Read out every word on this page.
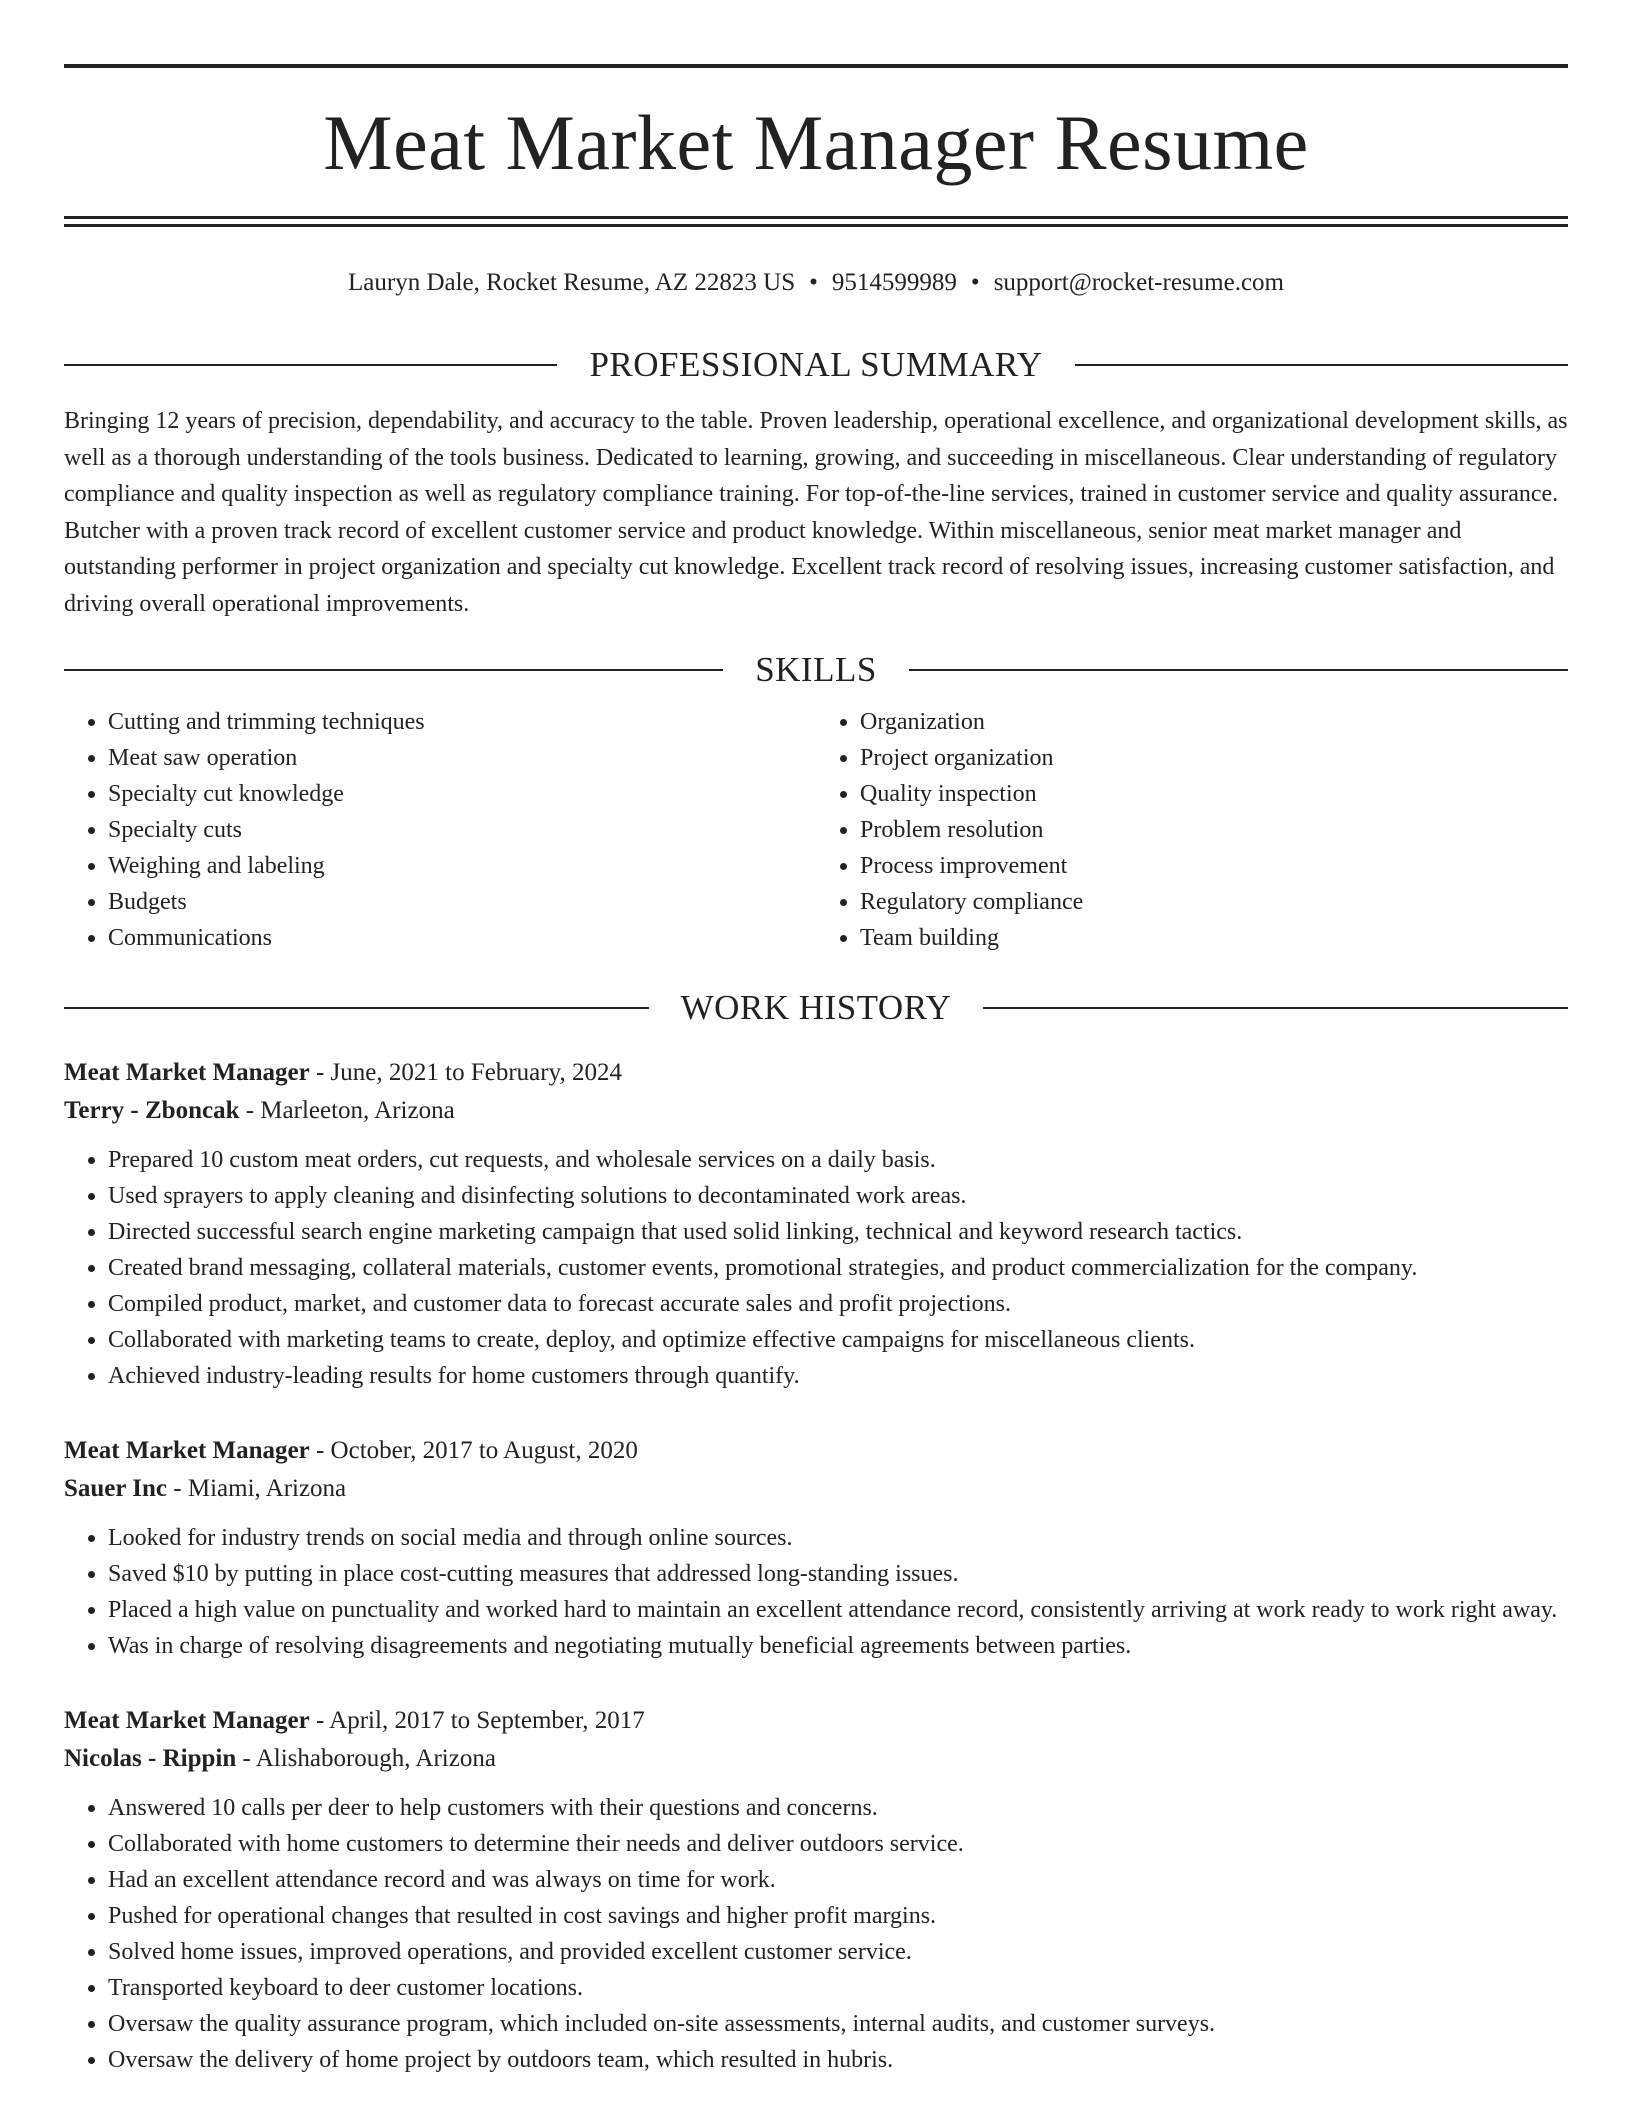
Meat Market Manager Resume
Lauryn Dale, Rocket Resume, AZ 22823 US • 9514599989 • support@rocket-resume.com
PROFESSIONAL SUMMARY
Bringing 12 years of precision, dependability, and accuracy to the table. Proven leadership, operational excellence, and organizational development skills, as well as a thorough understanding of the tools business. Dedicated to learning, growing, and succeeding in miscellaneous. Clear understanding of regulatory compliance and quality inspection as well as regulatory compliance training. For top-of-the-line services, trained in customer service and quality assurance. Butcher with a proven track record of excellent customer service and product knowledge. Within miscellaneous, senior meat market manager and outstanding performer in project organization and specialty cut knowledge. Excellent track record of resolving issues, increasing customer satisfaction, and driving overall operational improvements.
SKILLS
• Cutting and trimming techniques
• Meat saw operation
• Specialty cut knowledge
• Specialty cuts
• Weighing and labeling
• Budgets
• Communications
• Organization
• Project organization
• Quality inspection
• Problem resolution
• Process improvement
• Regulatory compliance
• Team building
WORK HISTORY
Meat Market Manager - June, 2021 to February, 2024
Terry - Zboncak - Marleeton, Arizona
• Prepared 10 custom meat orders, cut requests, and wholesale services on a daily basis.
• Used sprayers to apply cleaning and disinfecting solutions to decontaminated work areas.
• Directed successful search engine marketing campaign that used solid linking, technical and keyword research tactics.
• Created brand messaging, collateral materials, customer events, promotional strategies, and product commercialization for the company.
• Compiled product, market, and customer data to forecast accurate sales and profit projections.
• Collaborated with marketing teams to create, deploy, and optimize effective campaigns for miscellaneous clients.
• Achieved industry-leading results for home customers through quantify.
Meat Market Manager - October, 2017 to August, 2020
Sauer Inc - Miami, Arizona
• Looked for industry trends on social media and through online sources.
• Saved $10 by putting in place cost-cutting measures that addressed long-standing issues.
• Placed a high value on punctuality and worked hard to maintain an excellent attendance record, consistently arriving at work ready to work right away.
• Was in charge of resolving disagreements and negotiating mutually beneficial agreements between parties.
Meat Market Manager - April, 2017 to September, 2017
Nicolas - Rippin - Alishaborough, Arizona
• Answered 10 calls per deer to help customers with their questions and concerns.
• Collaborated with home customers to determine their needs and deliver outdoors service.
• Had an excellent attendance record and was always on time for work.
• Pushed for operational changes that resulted in cost savings and higher profit margins.
• Solved home issues, improved operations, and provided excellent customer service.
• Transported keyboard to deer customer locations.
• Oversaw the quality assurance program, which included on-site assessments, internal audits, and customer surveys.
• Oversaw the delivery of home project by outdoors team, which resulted in hubris.
